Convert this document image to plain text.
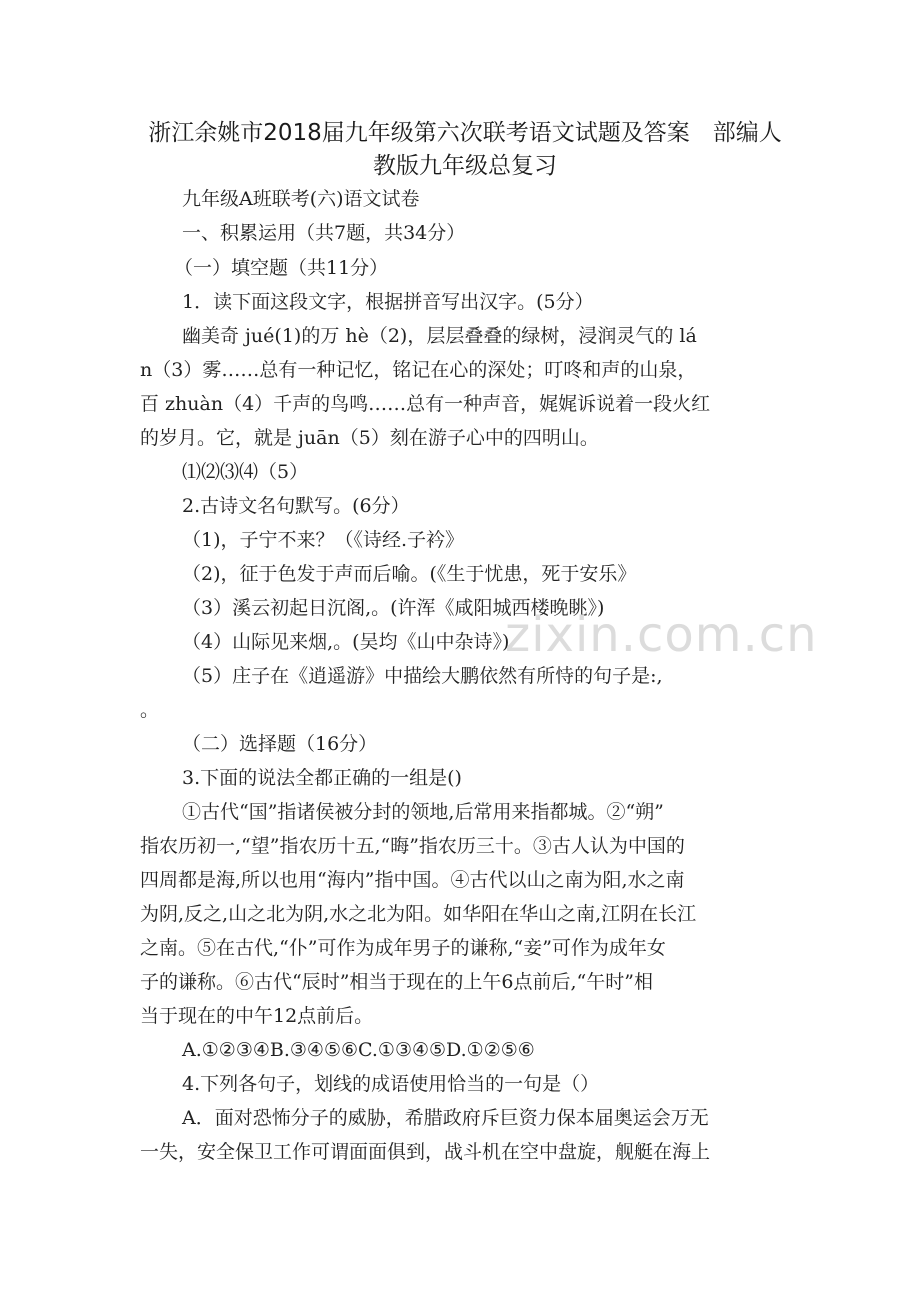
浙江余姚市2018届九年级第六次联考语文试题及答案　部编人
教版九年级总复习
九年级A班联考(六)语文试卷
一、积累运用（共7题，共34分）
（一）填空题（共11分）
1．读下面这段文字，根据拼音写出汉字。(5分）
幽美奇 jué(1)的万 hè（2)，层层叠叠的绿树，浸润灵气的 lá
n（3）雾……总有一种记忆，铭记在心的深处；叮咚和声的山泉，
百 zhuàn（4）千声的鸟鸣……总有一种声音，娓娓诉说着一段火红
的岁月。它，就是 juān（5）刻在游子心中的四明山。
⑴⑵⑶⑷（5）
2.古诗文名句默写。(6分）
（1)，子宁不来？（《诗经.子衿》
（2)，征于色发于声而后喻。(《生于忧患，死于安乐》
（3）溪云初起日沉阁,。(许浑《咸阳城西楼晚眺》)
（4）山际见来烟,。(吴均《山中杂诗》)
（5）庄子在《逍遥游》中描绘大鹏依然有所恃的句子是:,
。
（二）选择题（16分）
3.下面的说法全都正确的一组是()
①古代“国”指诸侯被分封的领地,后常用来指都城。②“朔”
指农历初一,“望”指农历十五,“晦”指农历三十。③古人认为中国的
四周都是海,所以也用“海内”指中国。④古代以山之南为阳,水之南
为阴,反之,山之北为阴,水之北为阳。如华阳在华山之南,江阴在长江
之南。⑤在古代,“仆”可作为成年男子的谦称,“妾”可作为成年女
子的谦称。⑥古代“辰时”相当于现在的上午6点前后,“午时”相
当于现在的中午12点前后。
A.①②③④B.③④⑤⑥C.①③④⑤D.①②⑤⑥
4.下列各句子，划线的成语使用恰当的一句是（）
A．面对恐怖分子的威胁，希腊政府斥巨资力保本届奥运会万无
一失，安全保卫工作可谓面面俱到，战斗机在空中盘旋，舰艇在海上
zixin.com.cn
